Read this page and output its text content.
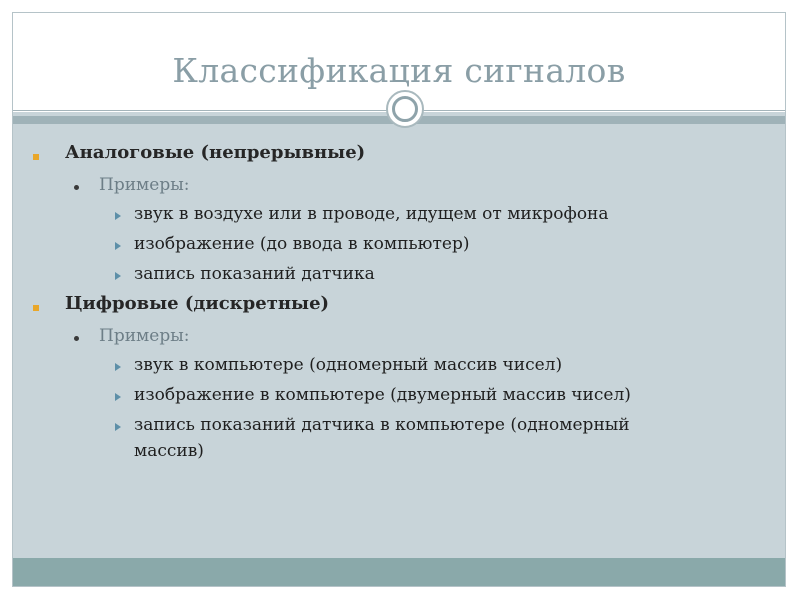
Классификация сигналов
Аналоговые (непрерывные)
Примеры:
звук в воздухе или в проводе, идущем от микрофона
изображение (до ввода в компьютер)
запись показаний датчика
Цифровые (дискретные)
Примеры:
звук в компьютере (одномерный массив чисел)
изображение в компьютере (двумерный массив чисел)
запись показаний датчика в компьютере (одномерный
массив)
